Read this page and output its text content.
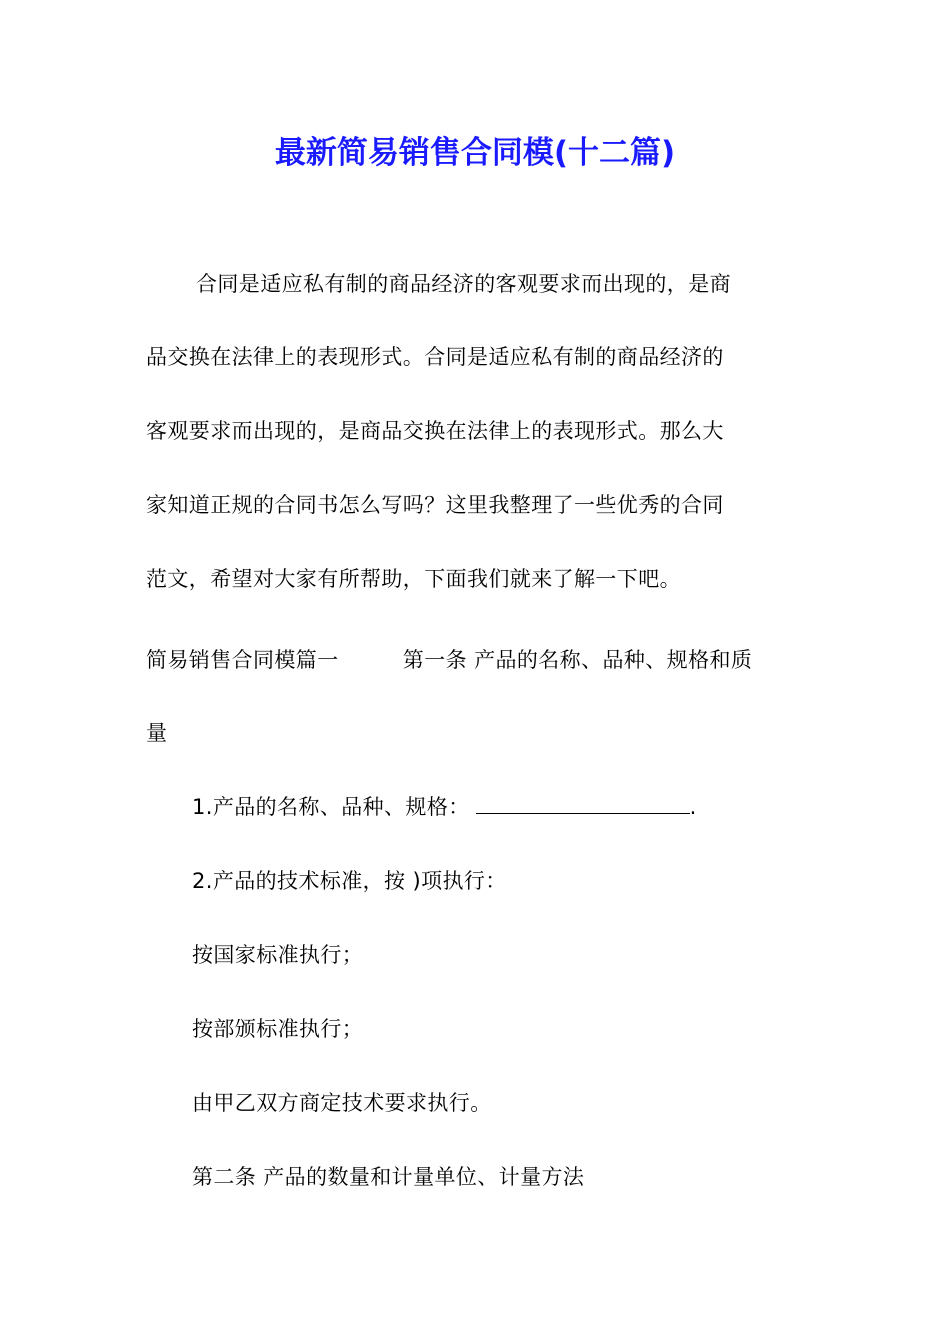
最新简易销售合同模(十二篇)
合同是适应私有制的商品经济的客观要求而出现的，是商
品交换在法律上的表现形式。合同是适应私有制的商品经济的
客观要求而出现的，是商品交换在法律上的表现形式。那么大
家知道正规的合同书怎么写吗？这里我整理了一些优秀的合同
范文，希望对大家有所帮助，下面我们就来了解一下吧。
简易销售合同模篇一　　　第一条 产品的名称、品种、规格和质
量
1.产品的名称、品种、规格：	.
2.产品的技术标准，按 )项执行：
按国家标准执行；
按部颁标准执行；
由甲乙双方商定技术要求执行。
第二条 产品的数量和计量单位、计量方法
